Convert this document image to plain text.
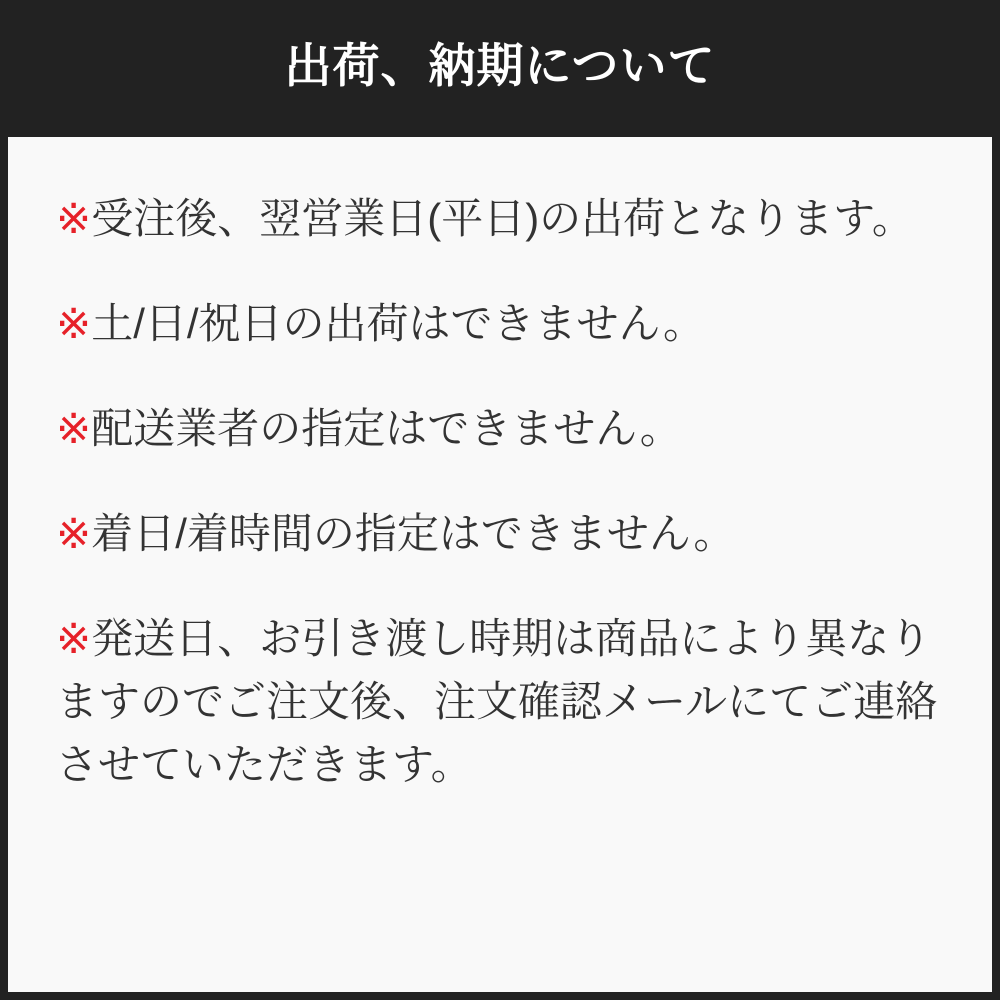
出荷、納期について

※受注後、翌営業日(平日)の出荷となります。

※土/日/祝日の出荷はできません。

※配送業者の指定はできません。

※着日/着時間の指定はできません。

※発送日、お引き渡し時期は商品により異なりますのでご注文後、注文確認メールにてご連絡させていただきます。
